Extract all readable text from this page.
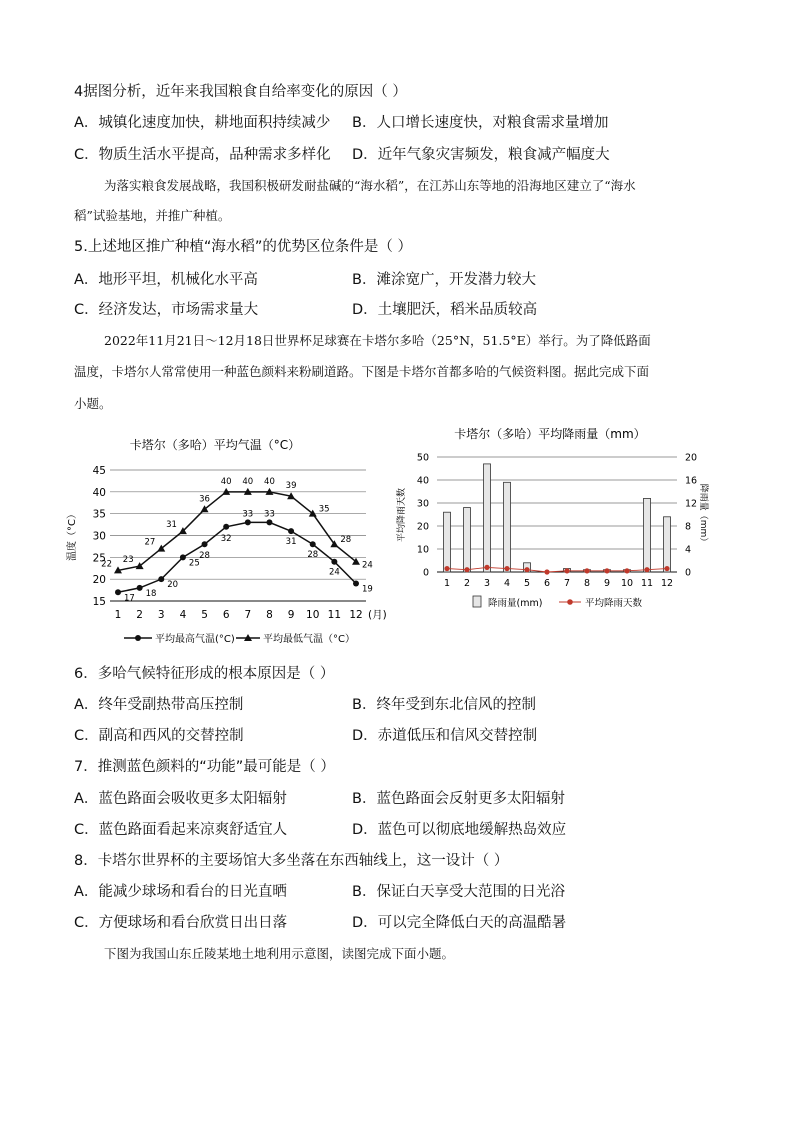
4据图分析，近年来我国粮食自给率变化的原因（ ）
A．城镇化速度加快，耕地面积持续减少 B．人口增长速度快，对粮食需求量增加
C．物质生活水平提高，品种需求多样化 D．近年气象灾害频发，粮食减产幅度大
为落实粮食发展战略，我国积极研发耐盐碱的“海水稻”，在江苏山东等地的沿海地区建立了“海水
稻”试验基地，并推广种植。
5.上述地区推广种植“海水稻”的优势区位条件是（ ）
A．地形平坦，机械化水平高	B．滩涂宽广，开发潜力较大
C．经济发达，市场需求量大	D．土壤肥沃，稻米品质较高
2022年11月21日～12月18日世界杯足球赛在卡塔尔多哈（25°N，51.5°E）举行。为了降低路面
温度，卡塔尔人常常使用一种蓝色颜料来粉刷道路。下图是卡塔尔首都多哈的气候资料图。据此完成下面
小题。
卡塔尔（多哈）平均气温（°C）
温度（°C）
15
20
25
30
35
40
45
1 2 3 4 5 6 7 8 9 10 11 12 (月)
17 18
20
25
28
32
33 33
31
28
24
19
22 23
27
31
36
40 40 40 39
35
28
24
平均最高气温(°C)	平均最低气温（°C）
卡塔尔（多哈）平均降雨量（mm）
平均降雨天数	降雨量（mm）
0
10
20
30
40
50
0
4
8
12
16
20
1 2 3 4 5 6 7 8 9 10 11 12
降雨量(mm)	平均降雨天数
6．多哈气候特征形成的根本原因是（ ）
A．终年受副热带高压控制	B．终年受到东北信风的控制
C．副高和西风的交替控制	D．赤道低压和信风交替控制
7．推测蓝色颜料的“功能”最可能是（ ）
A．蓝色路面会吸收更多太阳辐射	B．蓝色路面会反射更多太阳辐射
C．蓝色路面看起来凉爽舒适宜人	D．蓝色可以彻底地缓解热岛效应
8．卡塔尔世界杯的主要场馆大多坐落在东西轴线上，这一设计（ ）
A．能减少球场和看台的日光直晒	B．保证白天享受大范围的日光浴
C．方便球场和看台欣赏日出日落	D．可以完全降低白天的高温酷暑
下图为我国山东丘陵某地土地利用示意图，读图完成下面小题。
